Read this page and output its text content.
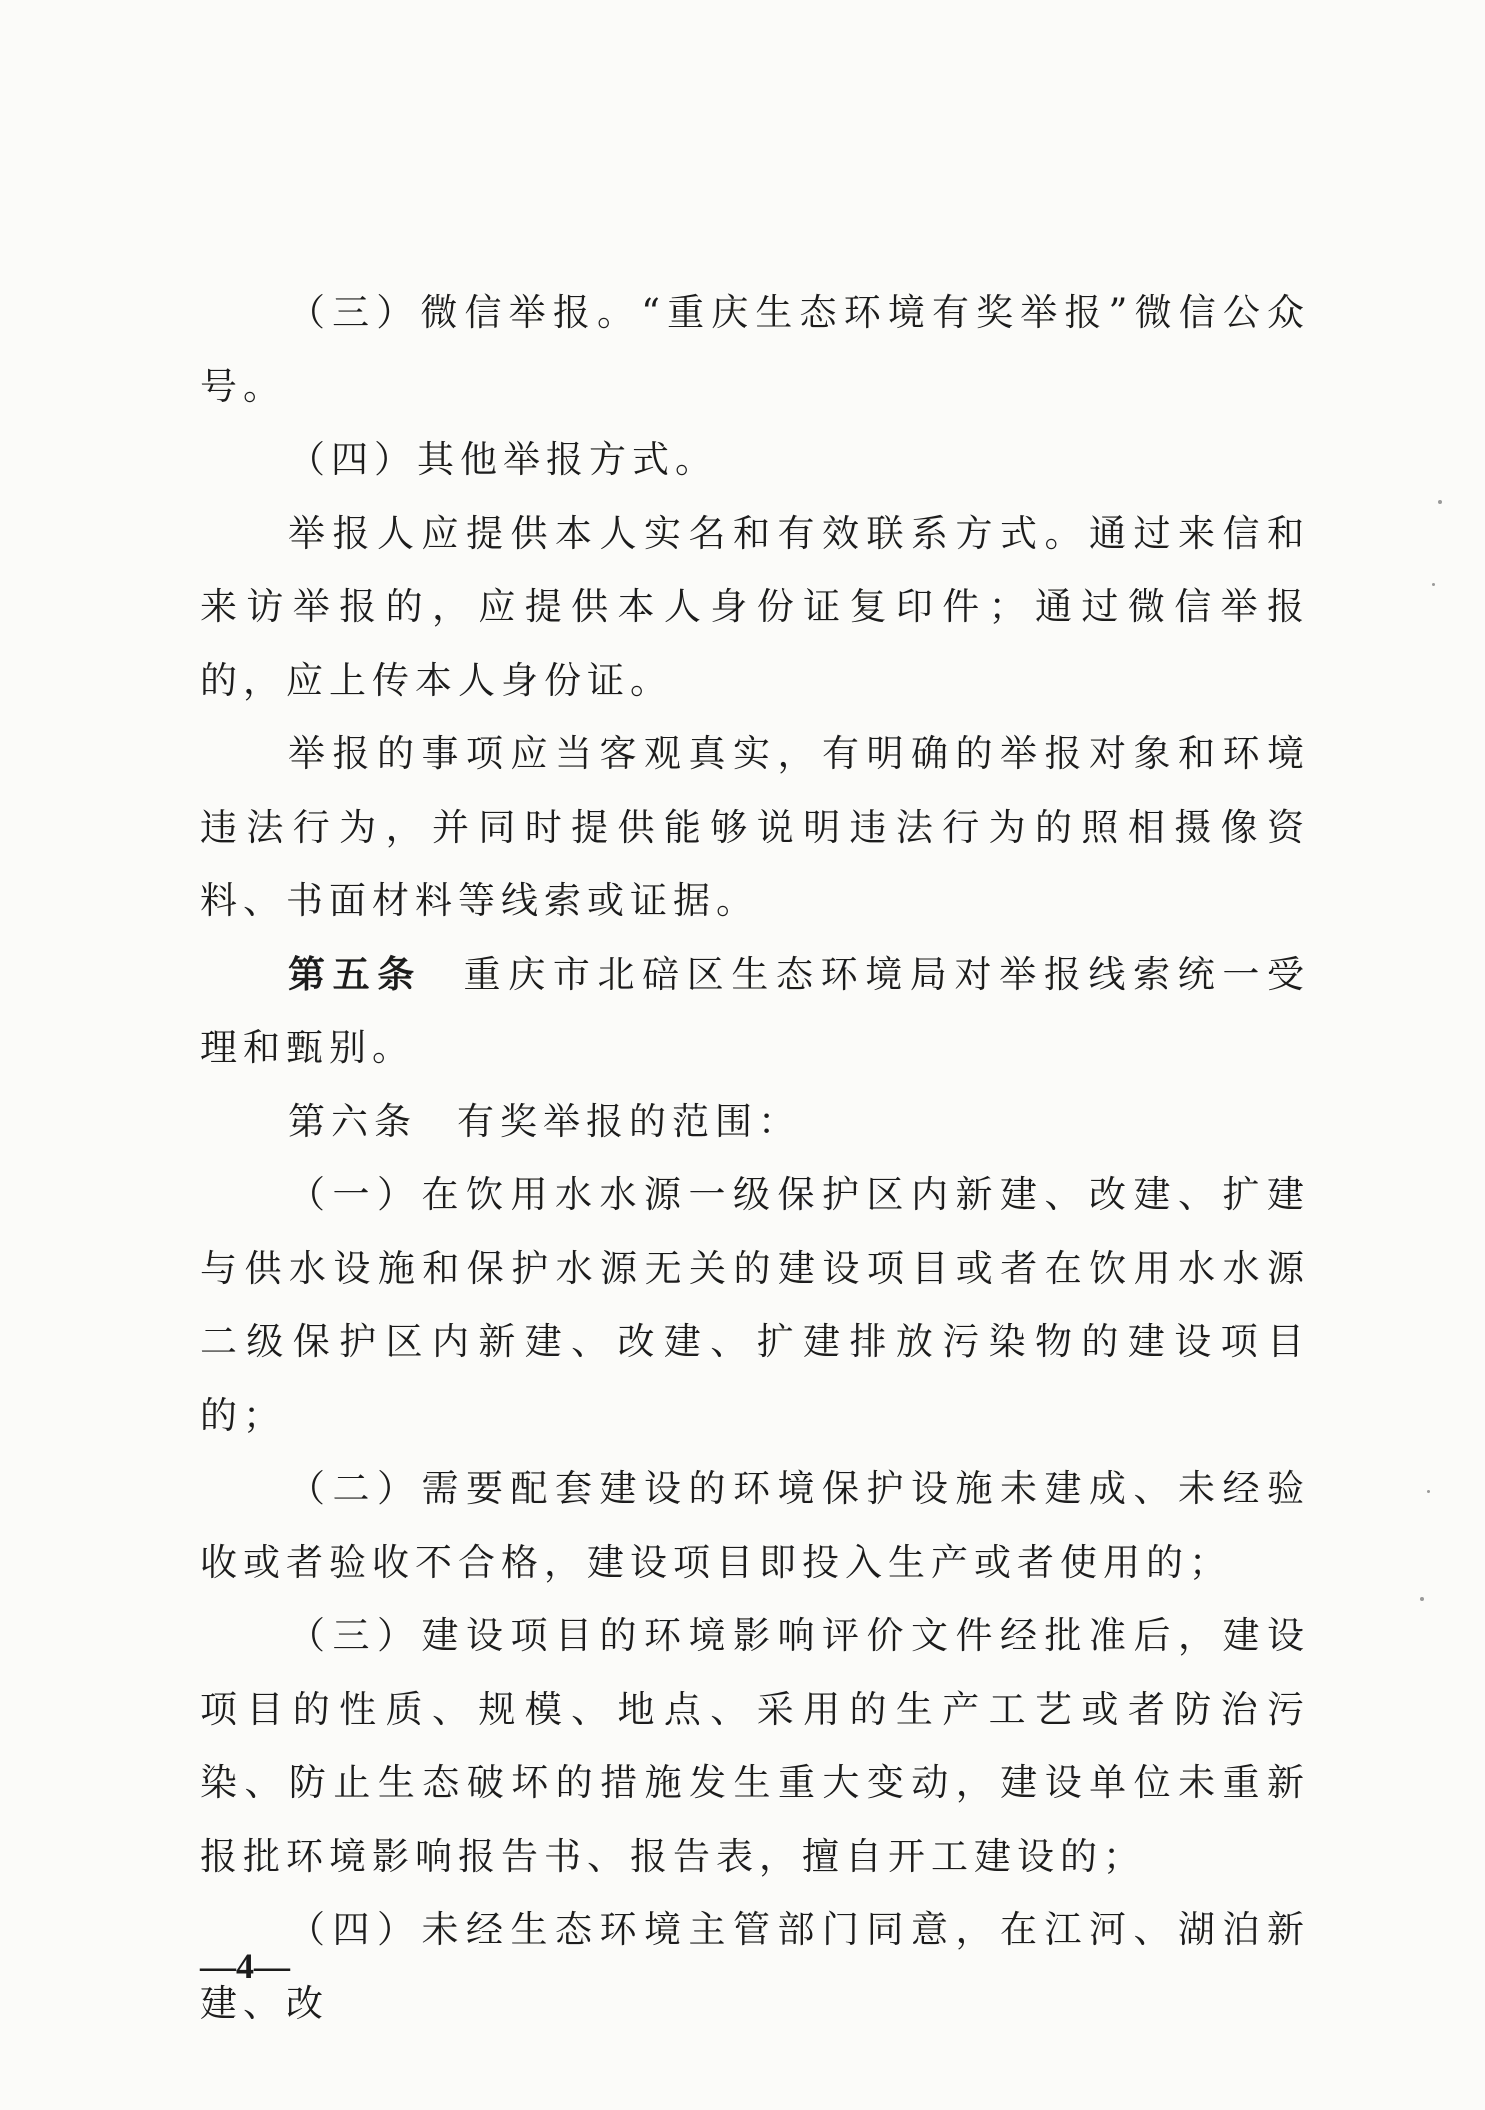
（三）微信举报。“重庆生态环境有奖举报”微信公众号。

（四）其他举报方式。

举报人应提供本人实名和有效联系方式。通过来信和来访举报的，应提供本人身份证复印件；通过微信举报的，应上传本人身份证。

举报的事项应当客观真实，有明确的举报对象和环境违法行为，并同时提供能够说明违法行为的照相摄像资料、书面材料等线索或证据。

第五条 重庆市北碚区生态环境局对举报线索统一受理和甄别。

第六条 有奖举报的范围：

（一）在饮用水水源一级保护区内新建、改建、扩建与供水设施和保护水源无关的建设项目或者在饮用水水源二级保护区内新建、改建、扩建排放污染物的建设项目的；

（二）需要配套建设的环境保护设施未建成、未经验收或者验收不合格，建设项目即投入生产或者使用的；

（三）建设项目的环境影响评价文件经批准后，建设项目的性质、规模、地点、采用的生产工艺或者防治污染、防止生态破坏的措施发生重大变动，建设单位未重新报批环境影响报告书、报告表，擅自开工建设的；

（四）未经生态环境主管部门同意，在江河、湖泊新建、改

—4—
